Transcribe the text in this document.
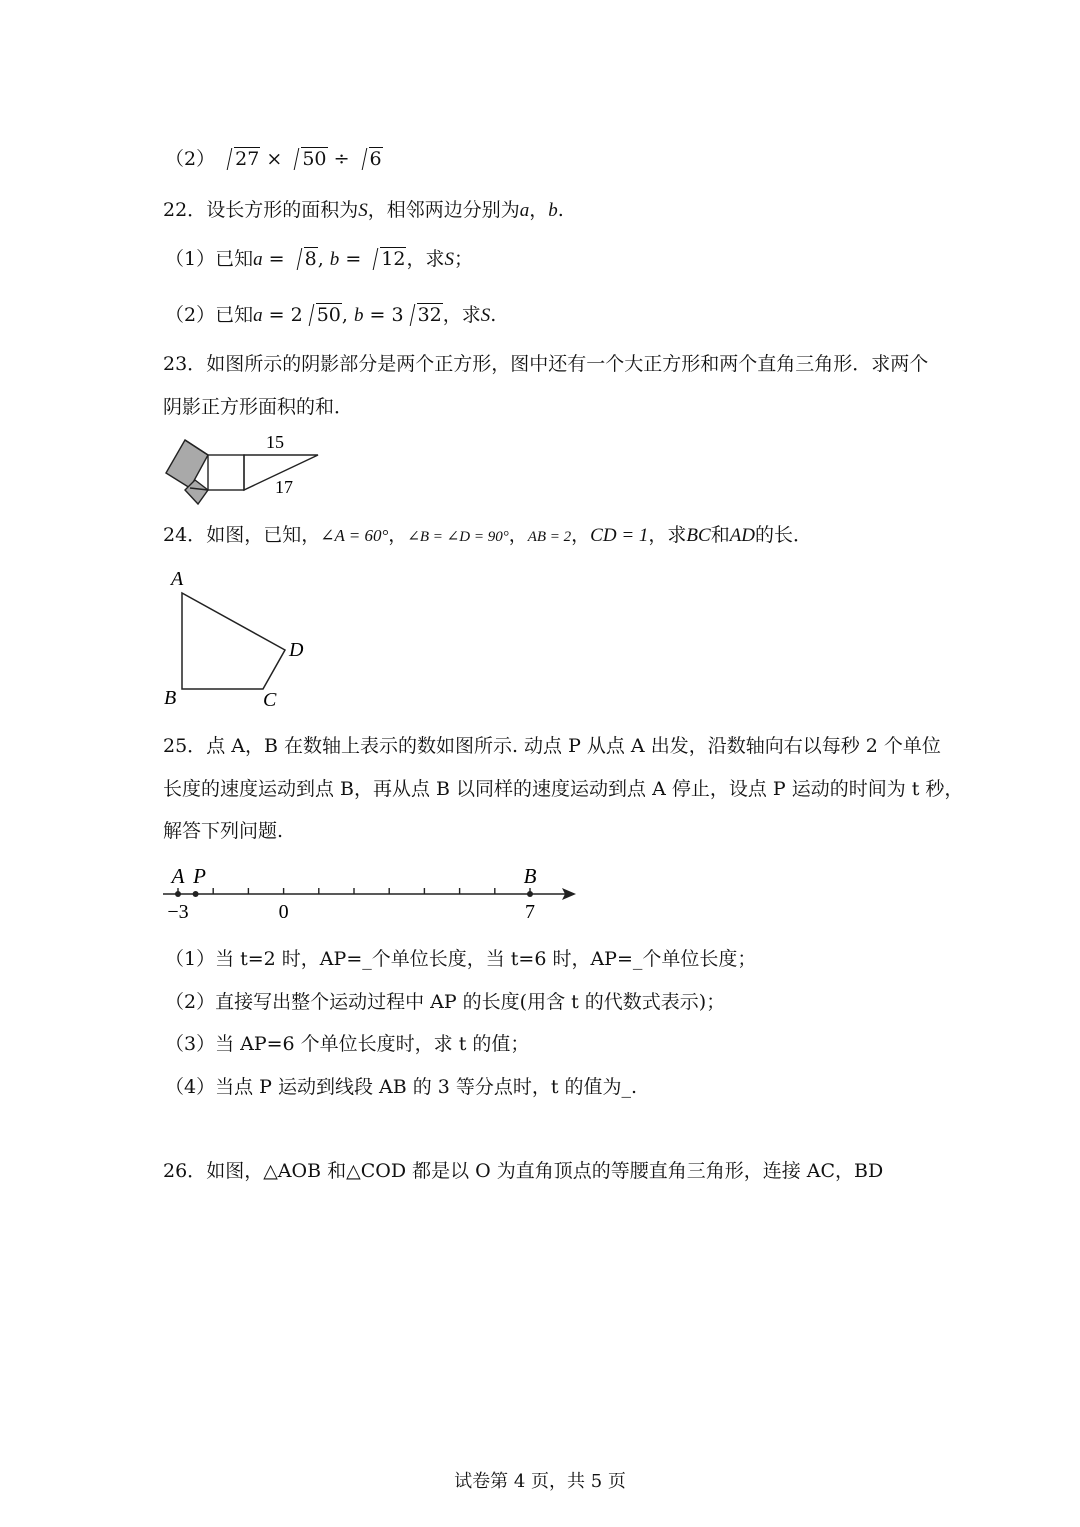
（2） 27 × 50 ÷ 6
22．设长方形的面积为S，相邻两边分别为a，b.
（1）已知a = 8, b = 12，求S；
（2）已知a = 2 50, b = 3 32，求S.
23．如图所示的阴影部分是两个正方形，图中还有一个大正方形和两个直角三角形．求两个
阴影正方形面积的和．
15
17
24．如图，已知，∠A = 60°，∠B = ∠D = 90°，AB = 2，CD = 1，求BC和AD的长．
A
B	C
D
25．点 A，B 在数轴上表示的数如图所示. 动点 P 从点 A 出发，沿数轴向右以每秒 2 个单位
长度的速度运动到点 B，再从点 B 以同样的速度运动到点 A 停止，设点 P 运动的时间为 t 秒，
解答下列问题.
A P	B
−3	0	7
（1）当 t=2 时，AP=_个单位长度，当 t=6 时，AP=_个单位长度；
（2）直接写出整个运动过程中 AP 的长度(用含 t 的代数式表示)；
（3）当 AP=6 个单位长度时，求 t 的值；
（4）当点 P 运动到线段 AB 的 3 等分点时，t 的值为_.
26．如图，△AOB 和△COD 都是以 O 为直角顶点的等腰直角三角形，连接 AC，BD
试卷第 4 页，共 5 页
